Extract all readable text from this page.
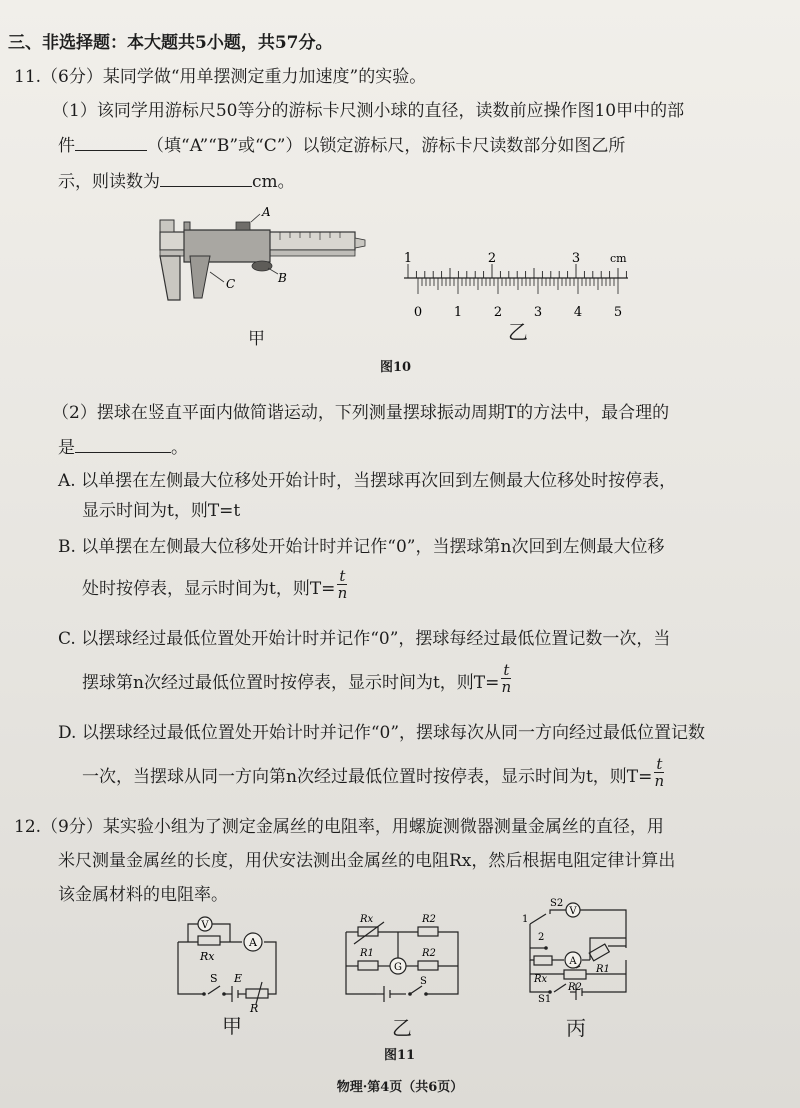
三、非选择题：本大题共5小题，共57分。
11.（6分）某同学做“用单摆测定重力加速度”的实验。
（1）该同学用游标尺50等分的游标卡尺测小球的直径，读数前应操作图10甲中的部
件	（填“A”“B”或“C”）以锁定游标尺，游标卡尺读数部分如图乙所
示，则读数为	cm。
A
B
C
甲
1	2	3	cm
0 1 2 3 4 5
乙
图10
（2）摆球在竖直平面内做简谐运动，下列测量摆球振动周期T的方法中，最合理的
是	。
A. 以单摆在左侧最大位移处开始计时，当摆球再次回到左侧最大位移处时按停表，
显示时间为t，则T=t
B. 以单摆在左侧最大位移处开始计时并记作“0”，当摆球第n次回到左侧最大位移
处时按停表，显示时间为t，则$T= \frac{t}{n}$
C. 以摆球经过最低位置处开始计时并记作“0”，摆球每经过最低位置记数一次，当
摆球第n次经过最低位置时按停表，显示时间为t，则$T= \frac{t}{n}$
D. 以摆球经过最低位置处开始计时并记作“0”，摆球每次从同一方向经过最低位置记数
一次，当摆球从同一方向第n次经过最低位置时按停表，显示时间为t，则$T= \frac{t}{n}$
12.（9分）某实验小组为了测定金属丝的电阻率，用螺旋测微器测量金属丝的直径，用
米尺测量金属丝的长度，用伏安法测出金属丝的电阻Rx，然后根据电阻定律计算出
该金属材料的电阻率。
V
A
Rx
S E
R
甲
G
Rx	R2
R1	R2
S
乙
图11
V
A
1
2
S2
Rx
R1
R2
S1
丙
物理·第4页（共6页）
